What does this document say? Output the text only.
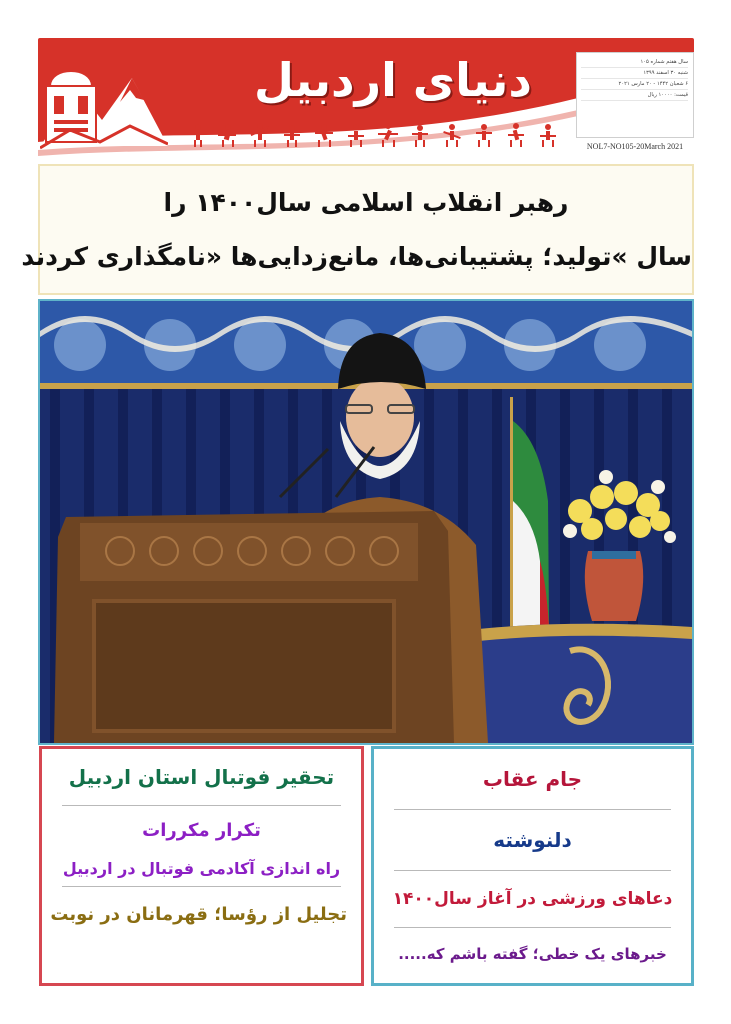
دنیای اردبیل	سال هفتم شماره ۱۰۵
شنبه ۳۰ اسفند ۱۳۹۹
۶ شعبان ۱۴۴۲ - ۲۰ مارس ۲۰۲۱
قیمت: ۱۰۰۰۰ ریال
NOL7-NO105-20March 2021
رهبر انقلاب اسلامی سال۱۴۰۰ را
سال »تولید؛ پشتیبانی‌ها، مانع‌زدایی‌ها «نامگذاری کردند
تحقیر فوتبال استان اردبیل
تکرار مکررات
راه اندازی آکادمی فوتبال در اردبیل
تجلیل از رؤسا؛ قهرمانان در نوبت
جام عقاب
دلنوشته
دعاهای ورزشی در آغاز سال۱۴۰۰
خبرهای یک خطی؛ گفته باشم که.....
